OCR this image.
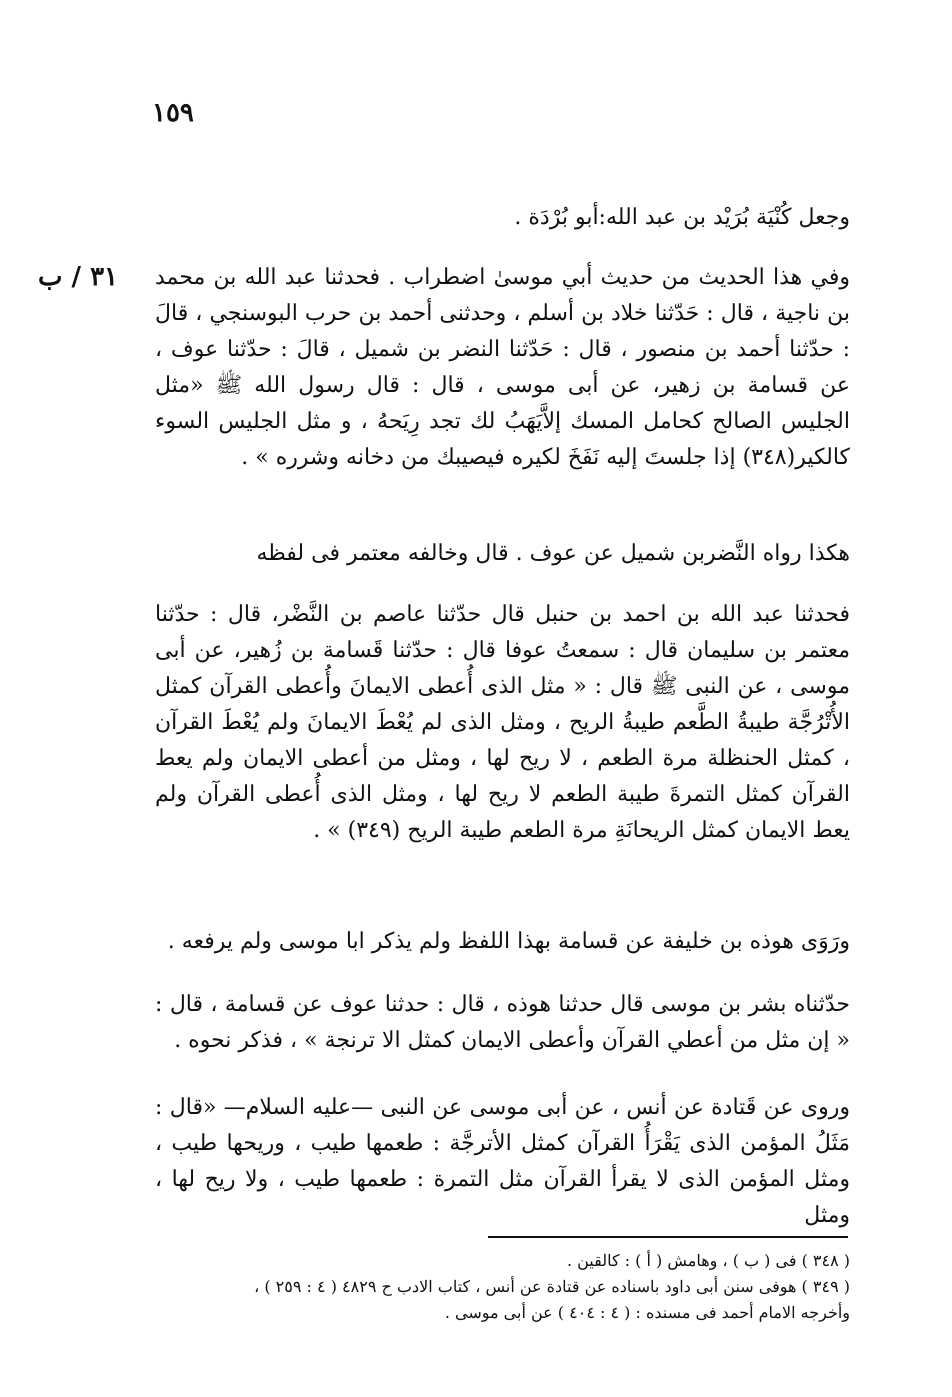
١٥٩
٣١ / ب

وجعل كُنْيَة بُرَيْد بن عبد الله:أبو بُرْدَة .

وفي هذا الحديث من حديث أبي موسىٰ اضطراب . فحدثنا عبد الله بن محمد بن ناجية ، قال : حَدّثنا خلاد بن أسلم ، وحدثنى أحمد بن حرب البوسنجي ، قالَ : حدّثنا أحمد بن منصور ، قال : حَدّثنا النضر بن شميل ، قالَ : حدّثنا عوف ، عن قسامة بن زهير، عن أبى موسى ، قال : قال رسول الله ﷺ «مثل الجليس الصالح كحامل المسك إلاَّيَهَبُ لك تجد رِيَحهُ ، و مثل الجليس السوء كالكير(٣٤٨) إذا جلستَ إليه نَفَخَ لكيره فيصيبك من دخانه وشرره » .

هكذا رواه النَّضربن شميل عن عوف . قال وخالفه معتمر فى لفظه

فحدثنا عبد الله بن احمد بن حنبل قال حدّثنا عاصم بن النَّضْر، قال : حدّثنا معتمر بن سليمان قال : سمعتُ عوفا قال : حدّثنا قَسامة بن زُهير، عن أبى موسى ، عن النبى ﷺ قال : « مثل الذى أُعطى الايمانَ وأُعطى القرآن كمثل الأُتْرُجَّة طيبةُ الطَّعم طيبةُ الريح ، ومثل الذى لم يُعْطَ الايمانَ ولم يُعْطَ القرآن ، كمثل الحنظلة مرة الطعم ، لا ريح لها ، ومثل من أعطى الايمان ولم يعط القرآن كمثل التمرةَ طيبة الطعم لا ريح لها ، ومثل الذى أُعطى القرآن ولم يعط الايمان كمثل الريحانَةِ مرة الطعم طيبة الريح (٣٤٩) » .

ورَوَى هوذه بن خليفة عن قسامة بهذا اللفظ ولم يذكر ابا موسى ولم يرفعه .

حدّثناه بشر بن موسى قال حدثنا هوذه ، قال : حدثنا عوف عن قسامة ، قال : « إن مثل من أعطي القرآن وأعطى الايمان كمثل الا ترنجة » ، فذكر نحوه .

وروى عن قَتادة عن أنس ، عن أبى موسى عن النبى —عليه السلام— «قال : مَثَلُ المؤمن الذى يَقْرَأُ القرآن كمثل الأترجَّة : طعمها طيب ، وريحها طيب ، ومثل المؤمن الذى لا يقرأ القرآن مثل التمرة : طعمها طيب ، ولا ريح لها ، ومثل

( ٣٤٨ ) فى ( ب ) ، وهامش ( أ ) : كالقين .

( ٣٤٩ ) هوفى سنن أبى داود باسناده عن قتادة عن أنس ، كتاب الادب ح ٤٨٢٩ ( ٤ : ٢٥٩ ) ،

وأخرجه الامام أحمد فى مسنده : ( ٤ : ٤٠٤ ) عن أبى موسى .
